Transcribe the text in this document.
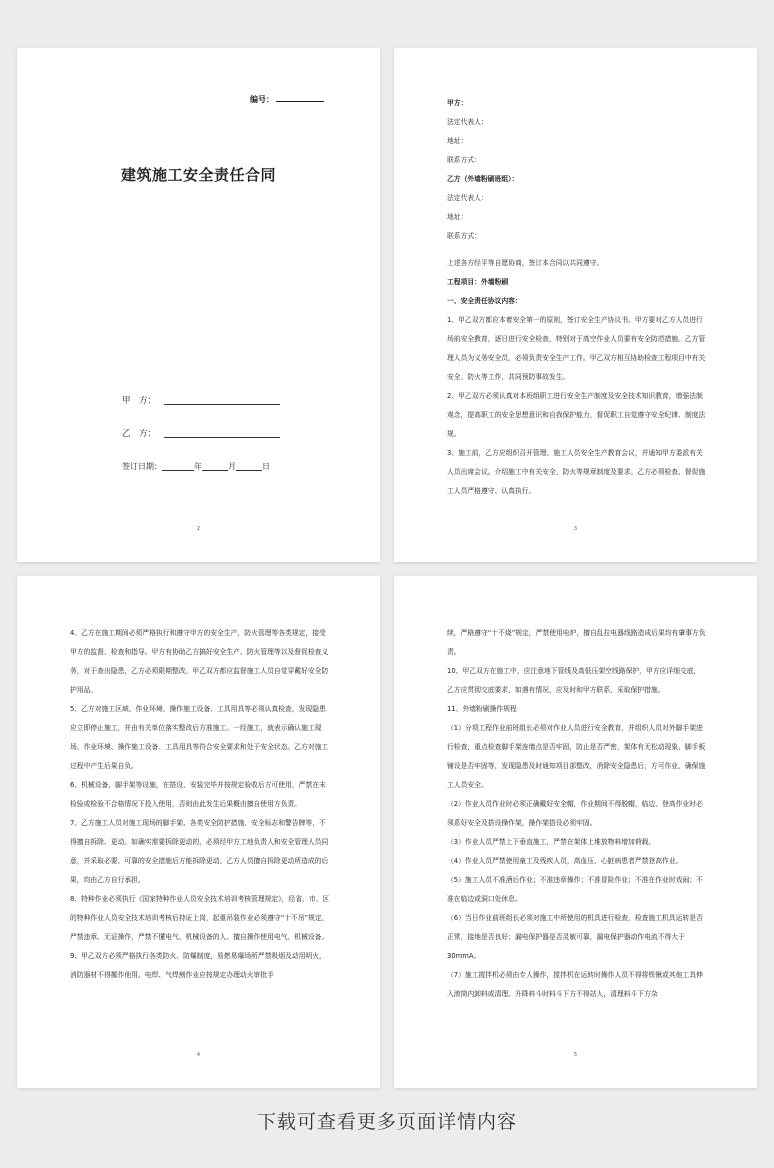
编号：
建筑施工安全责任合同
甲　方：
乙　方：
签订日期：	年	月	日
2

甲方：

法定代表人：

地址：

联系方式：

乙方（外墙粉刷班组）：

法定代表人：

地址：

联系方式：

上述各方经平等自愿协商，签订本合同以共同遵守。

工程项目：外墙粉刷

一、安全责任协议内容：

1、甲乙双方都应本着安全第一的原则，签订安全生产协议书。甲方要对乙方人员进行场前安全教育，逐日进行安全检查，特别对于高空作业人员要有安全防范措施。乙方管理人员为义务安全员，必须负责安全生产工作。甲乙双方相互协助检查工程项目中有关安全、防火等工作，共同预防事故发生。

2、甲乙双方必须认真对本班组职工进行安全生产制度及安全技术知识教育，增强法制观念，提高职工的安全思想意识和自我保护能力，督促职工自觉遵守安全纪律、制度法规。

3、施工前，乙方应组织召开管理、施工人员安全生产教育会议，并通知甲方委派有关人员出席会议。介绍施工中有关安全、防火等规章制度及要求。乙方必须检查、督促施工人员严格遵守、认真执行。

3

4、乙方在施工期间必须严格执行和遵守甲方的安全生产，防火管理等各类规定，接受甲方的监督、检查和指导。甲方有协助乙方搞好安全生产、防火管理等以及督促检查义务，对于查出隐患，乙方必须限期整改。甲乙双方都应监督施工人员自觉穿戴好安全防护用品。

5、乙方对施工区域、作业环境、操作施工设备、工具用具等必须认真检查，发现隐患应立即停止施工，并由有关单位落实整改后方准施工。一经施工，就表示确认施工现场、作业环境、操作施工设备、工具用具等符合安全要求和处于安全状态。乙方对施工过程中产生后果自负。

6、机械设备、脚手架等设施，在搭设、安装完毕并按规定验收后方可使用，严禁在未检验或检验不合格情况下投入使用，否则由此发生后果概由擅自使用方负责。

7、乙方施工人员对施工现场的脚手架、各类安全防护措施、安全标志和警告牌等，不得擅自拆除、更动。如确实需要拆除更动的，必须经甲方工地负责人和安全管理人员同意，并采取必要、可靠的安全措施后方能拆除更动。乙方人员擅自拆除更动所造成的后果，均由乙方自行承担。

8、特种作业必须执行《国家特种作业人员安全技术培训考核管理规定》，经省、市、区的特种作业人员安全技术培训考核后持证上岗，起重吊装作业必须遵守“十不吊”规定，严禁违章、无证操作，严禁不懂电气、机械设备的人、擅自操作使用电气、机械设备。

9、甲乙双方必须严格执行各类防火、防爆制度，易燃易爆场所严禁吸烟及动用明火，消防器材不得挪作他用。电焊、气焊割作业应按规定办理动火审批手

4

续，严格遵守“十不烧”规定，严禁使用电炉，擅自乱拉电器线路造成后果均有肇事方负责。

10、甲乙双方在施工中，应注意地下管线及高低压架空线路保护，甲方应详细交底，乙方应贯彻交底要求，如遇有情况，应及时和甲方联系，采取保护措施。

11、外墙粉刷操作规程

（1）分项工程作业前班组长必须对作业人员进行安全教育，并组织人员对外脚手架进行检查，重点检查脚手架连墙点是否牢固，防止是否严密，架体有无松动现象，脚手板铺设是否牢固等，发现隐患及时通知项目部整改，消除安全隐患后，方可作业，确保施工人员安全。

（2）作业人员作业时必须正确戴好安全帽，作业期间不得脱帽，临边、登高作业时必须系好安全及搭设操作架，操作架搭设必须牢固。

（3）作业人员严禁上下垂直施工，严禁在架体上堆放物料增加荷载。

（4）作业人员严禁使用童工及残疾人员，高血压、心脏病患者严禁登高作业。

（5）施工人员不准酒后作业；不准违章操作；不准冒险作业；不准在作业时戏闹；不准在临边或洞口处休息。

（6）当日作业前班组长必须对施工中所使用的机具进行检查，检查施工机具运转是否正常，接地是否良好；漏电保护器是否灵敏可靠，漏电保护器动作电流不得大于30mmA。

（7）施工搅拌机必须由专人操作，搅拌机在运转时操作人员不得将铁锹或其他工具伸入滚筒内卸料或清理。升降料斗时料斗下方不得站人，清理料斗下方杂

5
下载可查看更多页面详情内容
